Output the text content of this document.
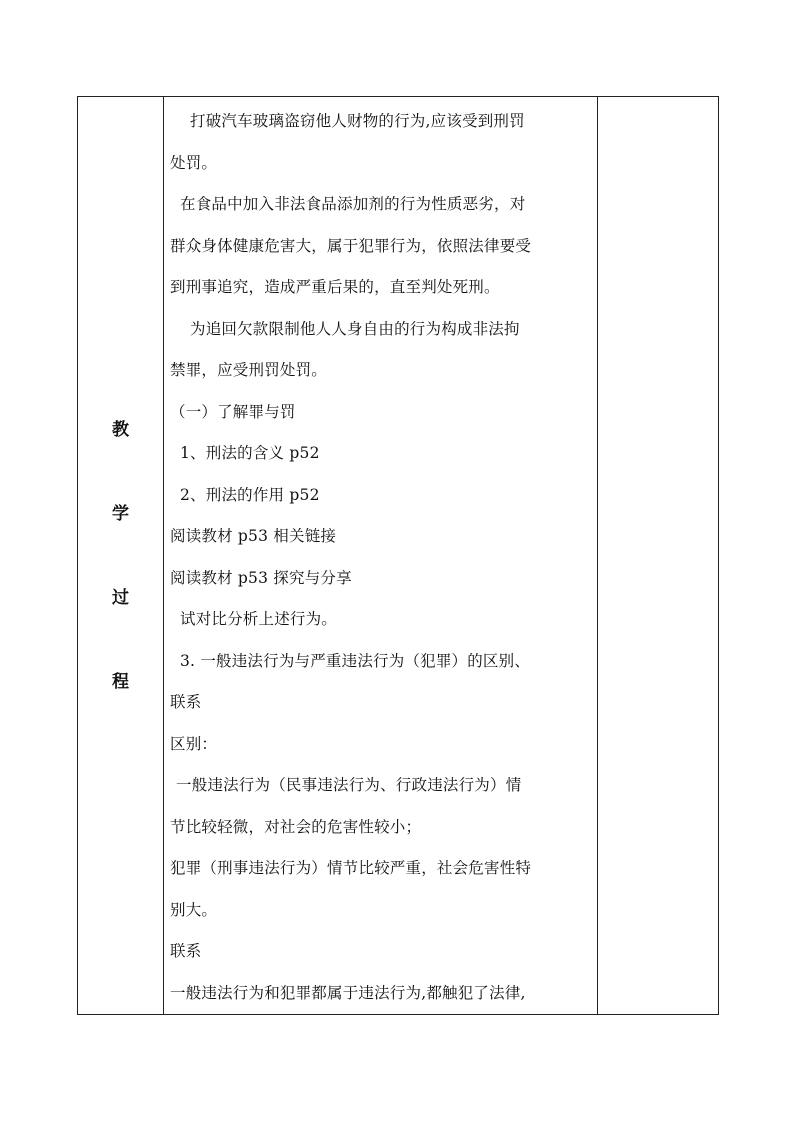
教
学
过
程

打破汽车玻璃盗窃他人财物的行为,应该受到刑罚
处罚。
在食品中加入非法食品添加剂的行为性质恶劣，对
群众身体健康危害大，属于犯罪行为，依照法律要受
到刑事追究，造成严重后果的，直至判处死刑。
为追回欠款限制他人人身自由的行为构成非法拘
禁罪，应受刑罚处罚。
（一）了解罪与罚
1、刑法的含义 p52
2、刑法的作用 p52
阅读教材 p53 相关链接
阅读教材 p53 探究与分享
试对比分析上述行为。
3. 一般违法行为与严重违法行为（犯罪）的区别、
联系
区别：
一般违法行为（民事违法行为、行政违法行为）情
节比较轻微，对社会的危害性较小；
犯罪（刑事违法行为）情节比较严重，社会危害性特
别大。
联系
一般违法行为和犯罪都属于违法行为,都触犯了法律,
